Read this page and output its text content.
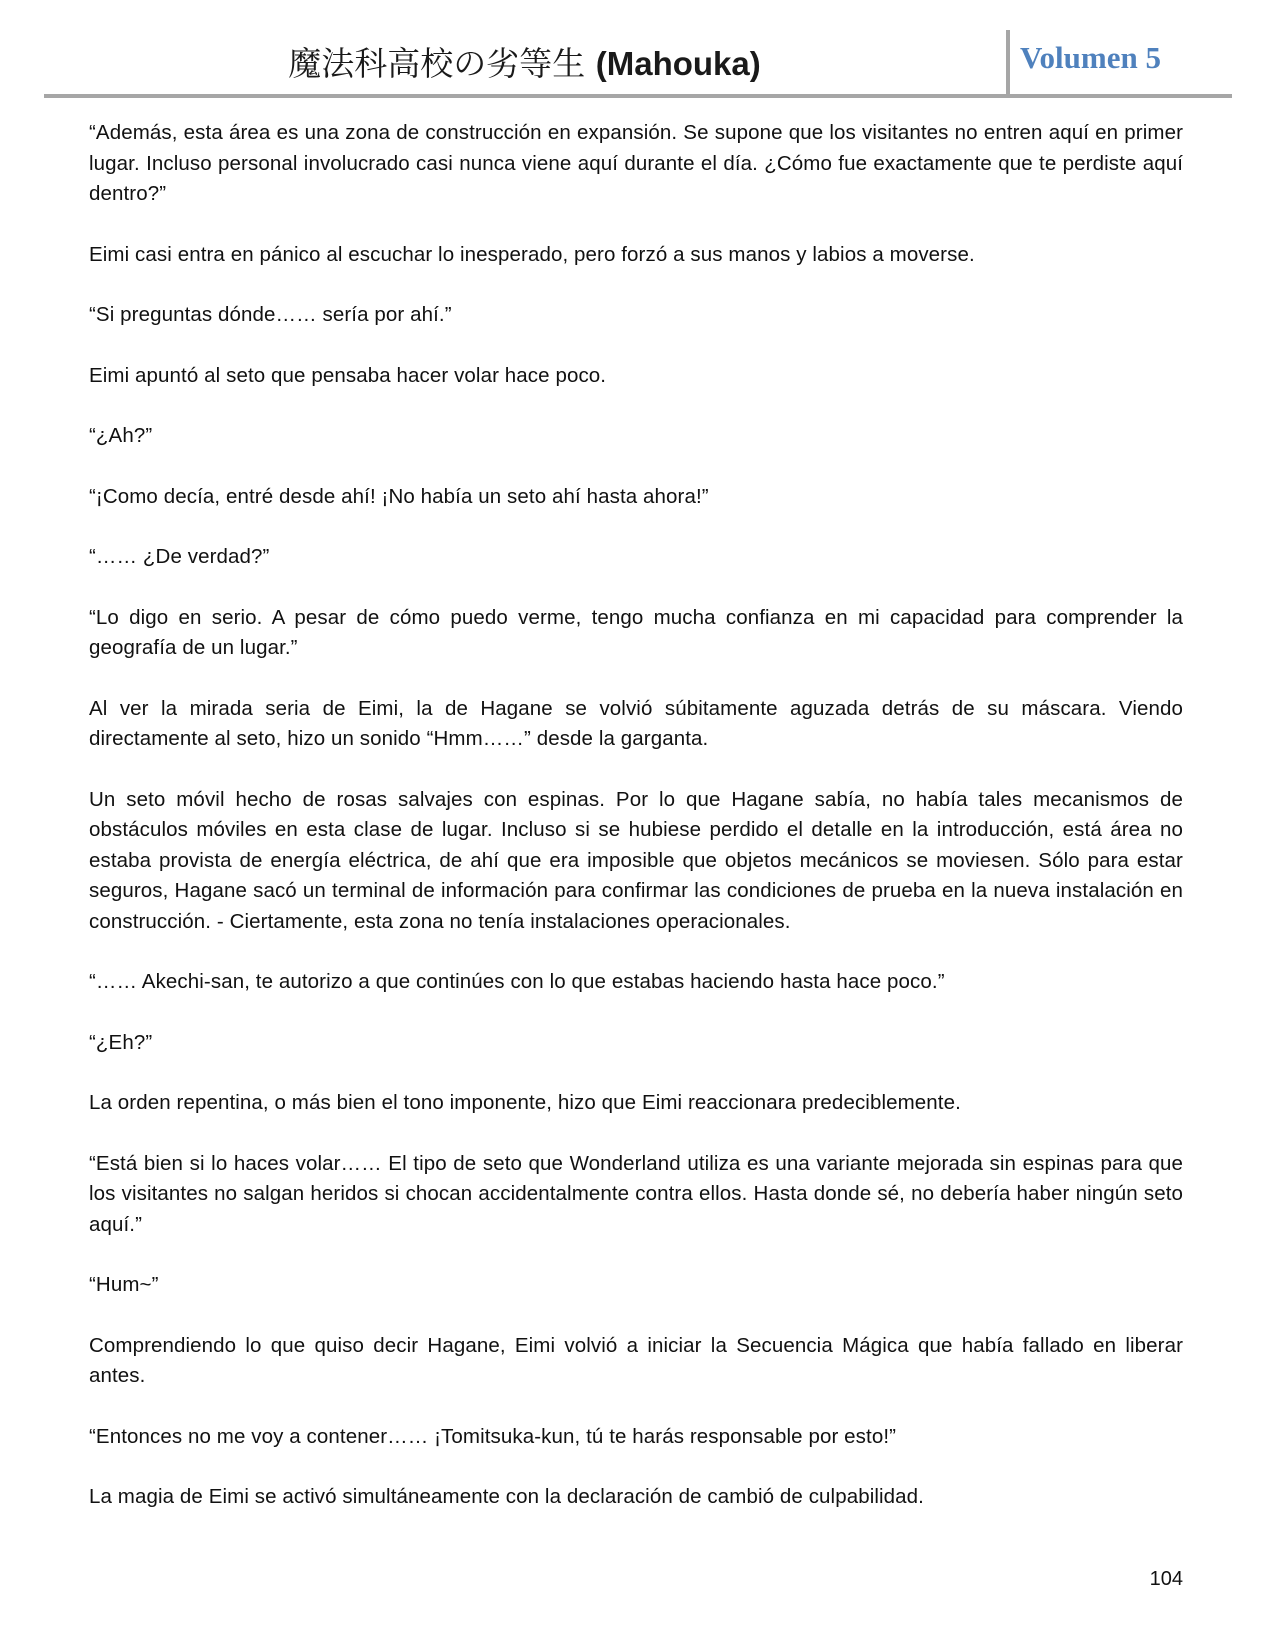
魔法科高校の劣等生 (Mahouka)	Volumen 5

“Además, esta área es una zona de construcción en expansión. Se supone que los visitantes no entren aquí en primer lugar. Incluso personal involucrado casi nunca viene aquí durante el día. ¿Cómo fue exactamente que te perdiste aquí dentro?”

Eimi casi entra en pánico al escuchar lo inesperado, pero forzó a sus manos y labios a moverse.

“Si preguntas dónde…… sería por ahí.”

Eimi apuntó al seto que pensaba hacer volar hace poco.

“¿Ah?”

“¡Como decía, entré desde ahí! ¡No había un seto ahí hasta ahora!”

“…… ¿De verdad?”

“Lo digo en serio. A pesar de cómo puedo verme, tengo mucha confianza en mi capacidad para comprender la geografía de un lugar.”

Al ver la mirada seria de Eimi, la de Hagane se volvió súbitamente aguzada detrás de su máscara. Viendo directamente al seto, hizo un sonido “Hmm……” desde la garganta.

Un seto móvil hecho de rosas salvajes con espinas. Por lo que Hagane sabía, no había tales mecanismos de obstáculos móviles en esta clase de lugar. Incluso si se hubiese perdido el detalle en la introducción, está área no estaba provista de energía eléctrica, de ahí que era imposible que objetos mecánicos se moviesen. Sólo para estar seguros, Hagane sacó un terminal de información para confirmar las condiciones de prueba en la nueva instalación en construcción. - Ciertamente, esta zona no tenía instalaciones operacionales.

“…… Akechi-san, te autorizo a que continúes con lo que estabas haciendo hasta hace poco.”

“¿Eh?”

La orden repentina, o más bien el tono imponente, hizo que Eimi reaccionara predeciblemente.

“Está bien si lo haces volar…… El tipo de seto que Wonderland utiliza es una variante mejorada sin espinas para que los visitantes no salgan heridos si chocan accidentalmente contra ellos. Hasta donde sé, no debería haber ningún seto aquí.”

“Hum~”

Comprendiendo lo que quiso decir Hagane, Eimi volvió a iniciar la Secuencia Mágica que había fallado en liberar antes.

“Entonces no me voy a contener…… ¡Tomitsuka-kun, tú te harás responsable por esto!”

La magia de Eimi se activó simultáneamente con la declaración de cambió de culpabilidad.

104
